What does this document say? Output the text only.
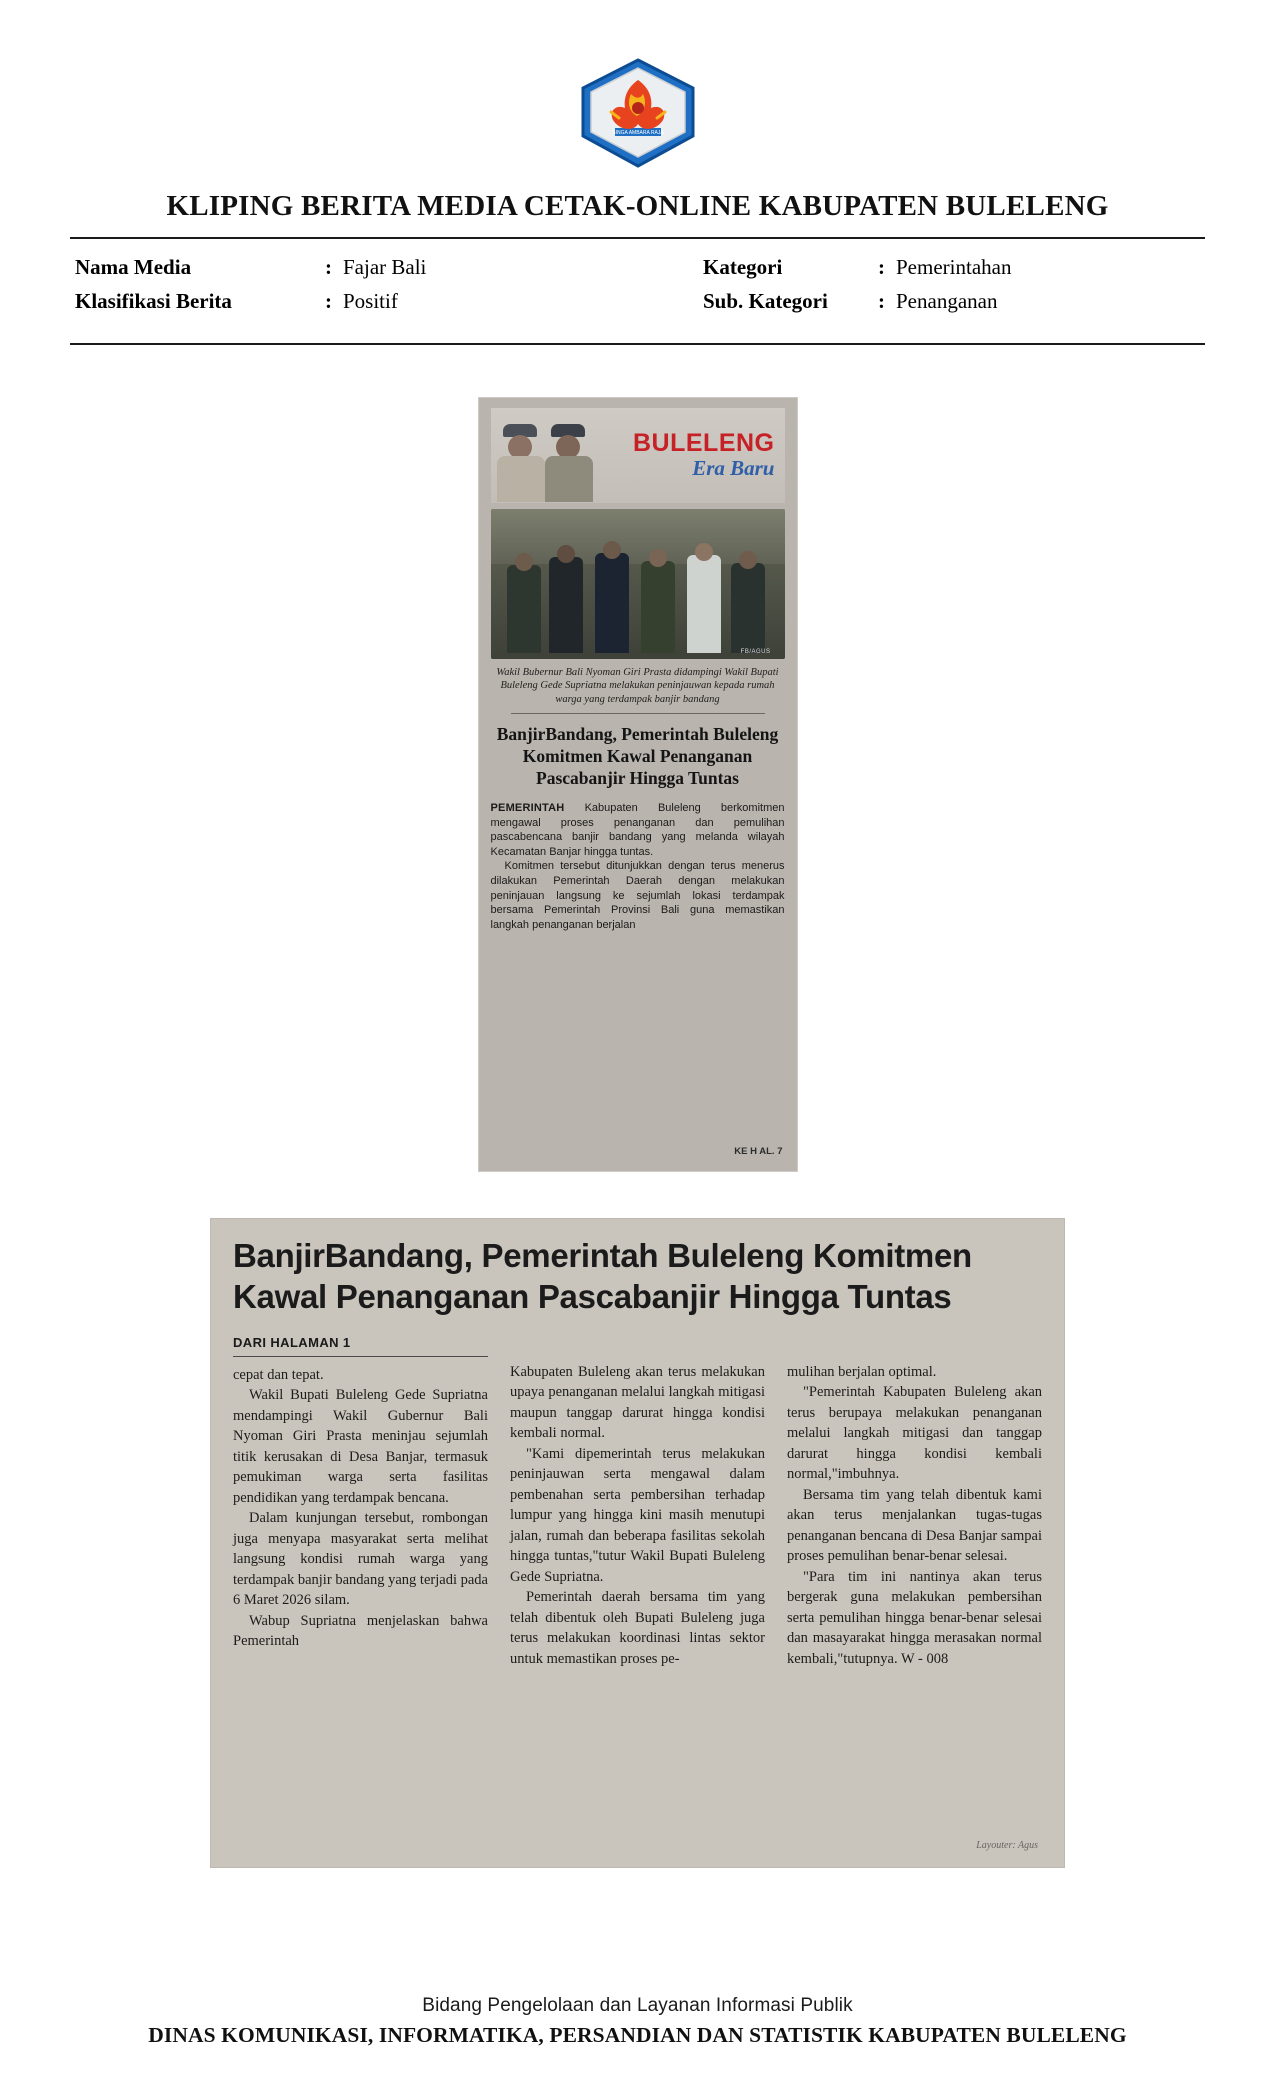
SINGA AMBARA RAJA
KLIPING BERITA MEDIA CETAK-ONLINE KABUPATEN BULELENG
Nama Media	: Fajar Bali	Kategori	: Pemerintahan
Klasifikasi Berita	: Positif	Sub. Kategori	: Penanganan
BULELENG
Era Baru
FB/AGUS
Wakil Bubernur Bali Nyoman Giri Prasta didampingi Wakil Bupati Buleleng Gede Supriatna melakukan peninjauwan kepada rumah warga yang terdampak banjir bandang
BanjirBandang, Pemerintah Buleleng Komitmen Kawal Penanganan Pascabanjir Hingga Tuntas

PEMERINTAH Kabupaten Buleleng berkomitmen mengawal proses penanganan dan pemulihan pascabencana banjir bandang yang melanda wilayah Kecamatan Banjar hingga tuntas.

Komitmen tersebut ditunjukkan dengan terus menerus dilakukan Pemerintah Daerah dengan melakukan peninjauan langsung ke sejumlah lokasi terdampak bersama Pemerintah Provinsi Bali guna memastikan langkah penanganan berjalan

KE H AL. 7
BanjirBandang, Pemerintah Buleleng Komitmen Kawal Penanganan Pascabanjir Hingga Tuntas
DARI HALAMAN 1

cepat dan tepat.

Wakil Bupati Buleleng Gede Supriatna mendampingi Wakil Gubernur Bali Nyoman Giri Prasta meninjau sejumlah titik kerusakan di Desa Banjar, termasuk pemukiman warga serta fasilitas pendidikan yang terdampak bencana.

Dalam kunjungan tersebut, rombongan juga menyapa masyarakat serta melihat langsung kondisi rumah warga yang terdampak banjir bandang yang terjadi pada 6 Maret 2026 silam.

Wabup Supriatna menjelaskan bahwa Pemerintah

Kabupaten Buleleng akan terus melakukan upaya penanganan melalui langkah mitigasi maupun tanggap darurat hingga kondisi kembali normal.

"Kami dipemerintah terus melakukan peninjauwan serta mengawal dalam pembenahan serta pembersihan terhadap lumpur yang hingga kini masih menutupi jalan, rumah dan beberapa fasilitas sekolah hingga tuntas,"tutur Wakil Bupati Buleleng Gede Supriatna.

Pemerintah daerah bersama tim yang telah dibentuk oleh Bupati Buleleng juga terus melakukan koordinasi lintas sektor untuk memastikan proses pe-

mulihan berjalan optimal.

"Pemerintah Kabupaten Buleleng akan terus berupaya melakukan penanganan melalui langkah mitigasi dan tanggap darurat hingga kondisi kembali normal,"imbuhnya.

Bersama tim yang telah dibentuk kami akan terus menjalankan tugas-tugas penanganan bencana di Desa Banjar sampai proses pemulihan benar-benar selesai.

"Para tim ini nantinya akan terus bergerak guna melakukan pembersihan serta pemulihan hingga benar-benar selesai dan masayarakat hingga merasakan normal kembali,"tutupnya. W - 008

Layouter: Agus
Bidang Pengelolaan dan Layanan Informasi Publik
DINAS KOMUNIKASI, INFORMATIKA, PERSANDIAN DAN STATISTIK KABUPATEN BULELENG
